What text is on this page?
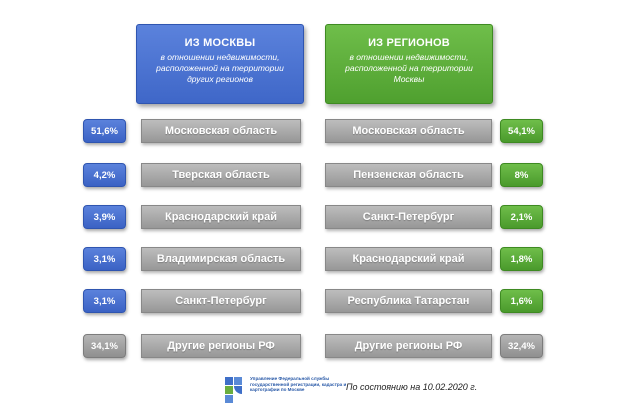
ИЗ МОСКВЫ
в отношении недвижимости, расположенной на территории других регионов
ИЗ РЕГИОНОВ
в отношении недвижимости, расположенной на территории Москвы
51,6%	Московская область	Московская область	54,1%
4,2%	Тверская область	Пензенская область	8%
3,9%	Краснодарский край	Санкт-Петербург	2,1%
3,1%	Владимирская область	Краснодарский край	1,8%
3,1%	Санкт-Петербург	Республика Татарстан	1,6%
34,1%	Другие регионы РФ	Другие регионы РФ	32,4%
Управление Федеральной службы государственной регистрации, кадастра и картографии по Москве	По состоянию на 10.02.2020 г.
